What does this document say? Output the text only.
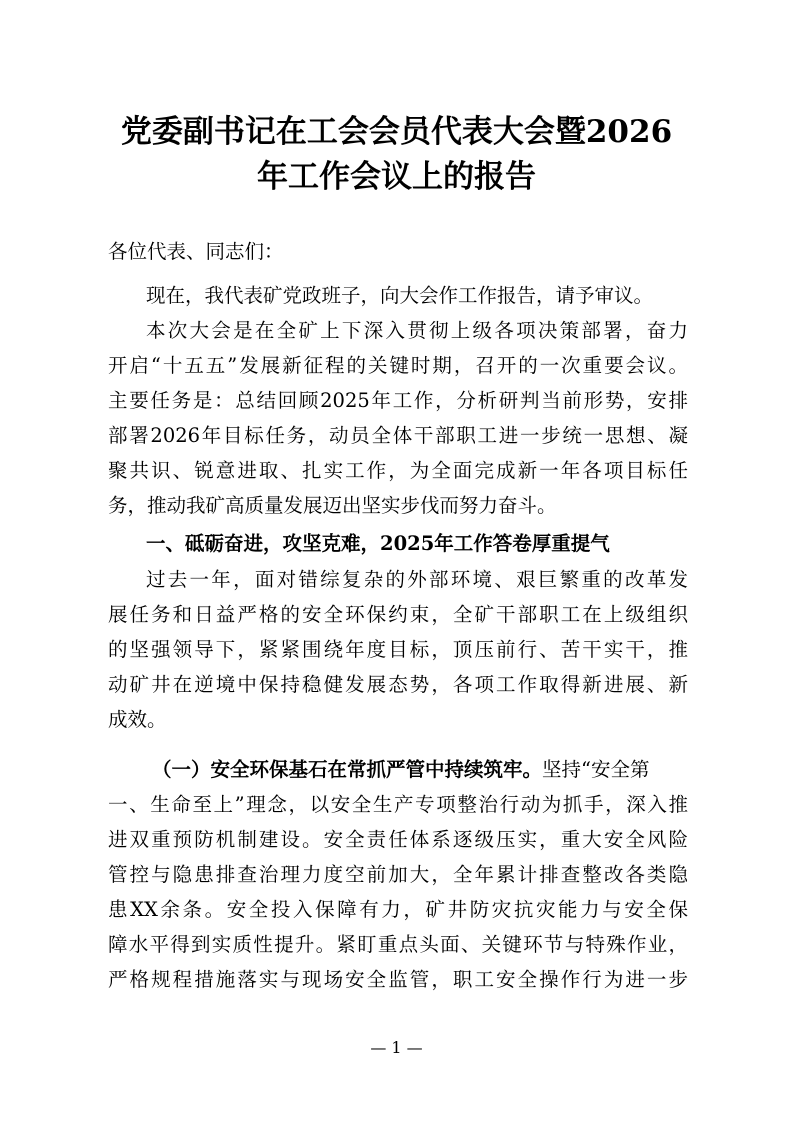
党委副书记在工会会员代表大会暨2026
年工作会议上的报告

各位代表、同志们：

现在，我代表矿党政班子，向大会作工作报告，请予审议。

本次大会是在全矿上下深入贯彻上级各项决策部署，奋力

开启“十五五”发展新征程的关键时期，召开的一次重要会议。

主要任务是：总结回顾2025年工作，分析研判当前形势，安排

部署2026年目标任务，动员全体干部职工进一步统一思想、凝

聚共识、锐意进取、扎实工作，为全面完成新一年各项目标任

务，推动我矿高质量发展迈出坚实步伐而努力奋斗。

一、砥砺奋进，攻坚克难，2025年工作答卷厚重提气

过去一年，面对错综复杂的外部环境、艰巨繁重的改革发

展任务和日益严格的安全环保约束，全矿干部职工在上级组织

的坚强领导下，紧紧围绕年度目标，顶压前行、苦干实干，推

动矿井在逆境中保持稳健发展态势，各项工作取得新进展、新

成效。

（一）安全环保基石在常抓严管中持续筑牢。坚持“安全第

一、生命至上”理念，以安全生产专项整治行动为抓手，深入推

进双重预防机制建设。安全责任体系逐级压实，重大安全风险

管控与隐患排查治理力度空前加大，全年累计排查整改各类隐

患XX余条。安全投入保障有力，矿井防灾抗灾能力与安全保

障水平得到实质性提升。紧盯重点头面、关键环节与特殊作业，

严格规程措施落实与现场安全监管，职工安全操作行为进一步

— 1 —
